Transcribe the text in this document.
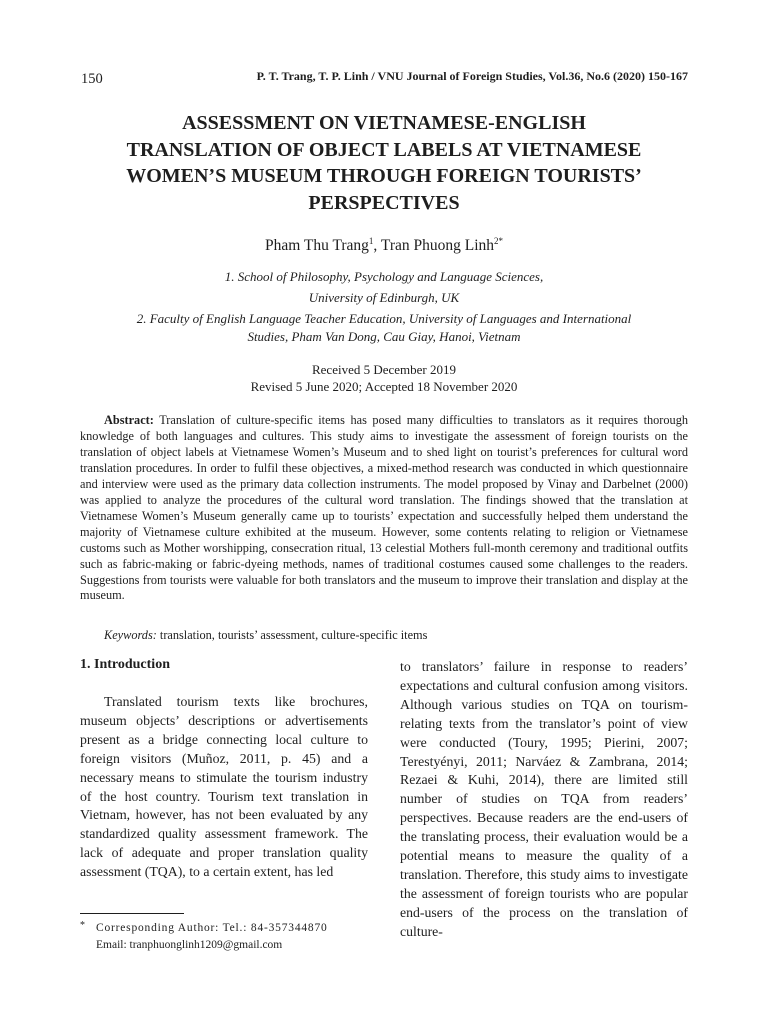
150	P. T. Trang, T. P. Linh / VNU Journal of Foreign Studies, Vol.36, No.6 (2020) 150-167
ASSESSMENT ON VIETNAMESE-ENGLISH
TRANSLATION OF OBJECT LABELS AT VIETNAMESE
WOMEN’S MUSEUM THROUGH FOREIGN TOURISTS’
PERSPECTIVES
Pham Thu Trang$^1$, Tran Phuong Linh$^{2*}$
1. School of Philosophy, Psychology and Language Sciences,
University of Edinburgh, UK
2. Faculty of English Language Teacher Education, University of Languages and International
Studies, Pham Van Dong, Cau Giay, Hanoi, Vietnam
Received 5 December 2019
Revised 5 June 2020; Accepted 18 November 2020

Abstract: Translation of culture-specific items has posed many difficulties to translators as it requires thorough knowledge of both languages and cultures. This study aims to investigate the assessment of foreign tourists on the translation of object labels at Vietnamese Women’s Museum and to shed light on tourist’s preferences for cultural word translation procedures. In order to fulfil these objectives, a mixed-method research was conducted in which questionnaire and interview were used as the primary data collection instruments. The model proposed by Vinay and Darbelnet (2000) was applied to analyze the procedures of the cultural word translation. The findings showed that the translation at Vietnamese Women’s Museum generally came up to tourists’ expectation and successfully helped them understand the majority of Vietnamese culture exhibited at the museum. However, some contents relating to religion or Vietnamese customs such as Mother worshipping, consecration ritual, 13 celestial Mothers full-month ceremony and traditional outfits such as fabric-making or fabric-dyeing methods, names of traditional costumes caused some challenges to the readers. Suggestions from tourists were valuable for both translators and the museum to improve their translation and display at the museum.

Keywords: translation, tourists’ assessment, culture-specific items
1. Introduction
Translated tourism texts like brochures, museum objects’ descriptions or advertisements present as a bridge connecting local culture to foreign visitors (Muñoz, 2011, p. 45) and a necessary means to stimulate the tourism industry of the host country. Tourism text translation in Vietnam, however, has not been evaluated by any standardized quality assessment framework. The lack of adequate and proper translation quality assessment (TQA), to a certain extent, has led
to translators’ failure in response to readers’ expectations and cultural confusion among visitors. Although various studies on TQA on tourism-relating texts from the translator’s point of view were conducted (Toury, 1995; Pierini, 2007; Terestyényi, 2011; Narváez & Zambrana, 2014; Rezaei & Kuhi, 2014), there are limited still number of studies on TQA from readers’ perspectives. Because readers are the end-users of the translating process, their evaluation would be a potential means to measure the quality of a translation. Therefore, this study aims to investigate the assessment of foreign tourists who are popular end-users of the process on the translation of culture-
* Corresponding Author: Tel.: 84-357344870
Email: tranphuonglinh1209@gmail.com
